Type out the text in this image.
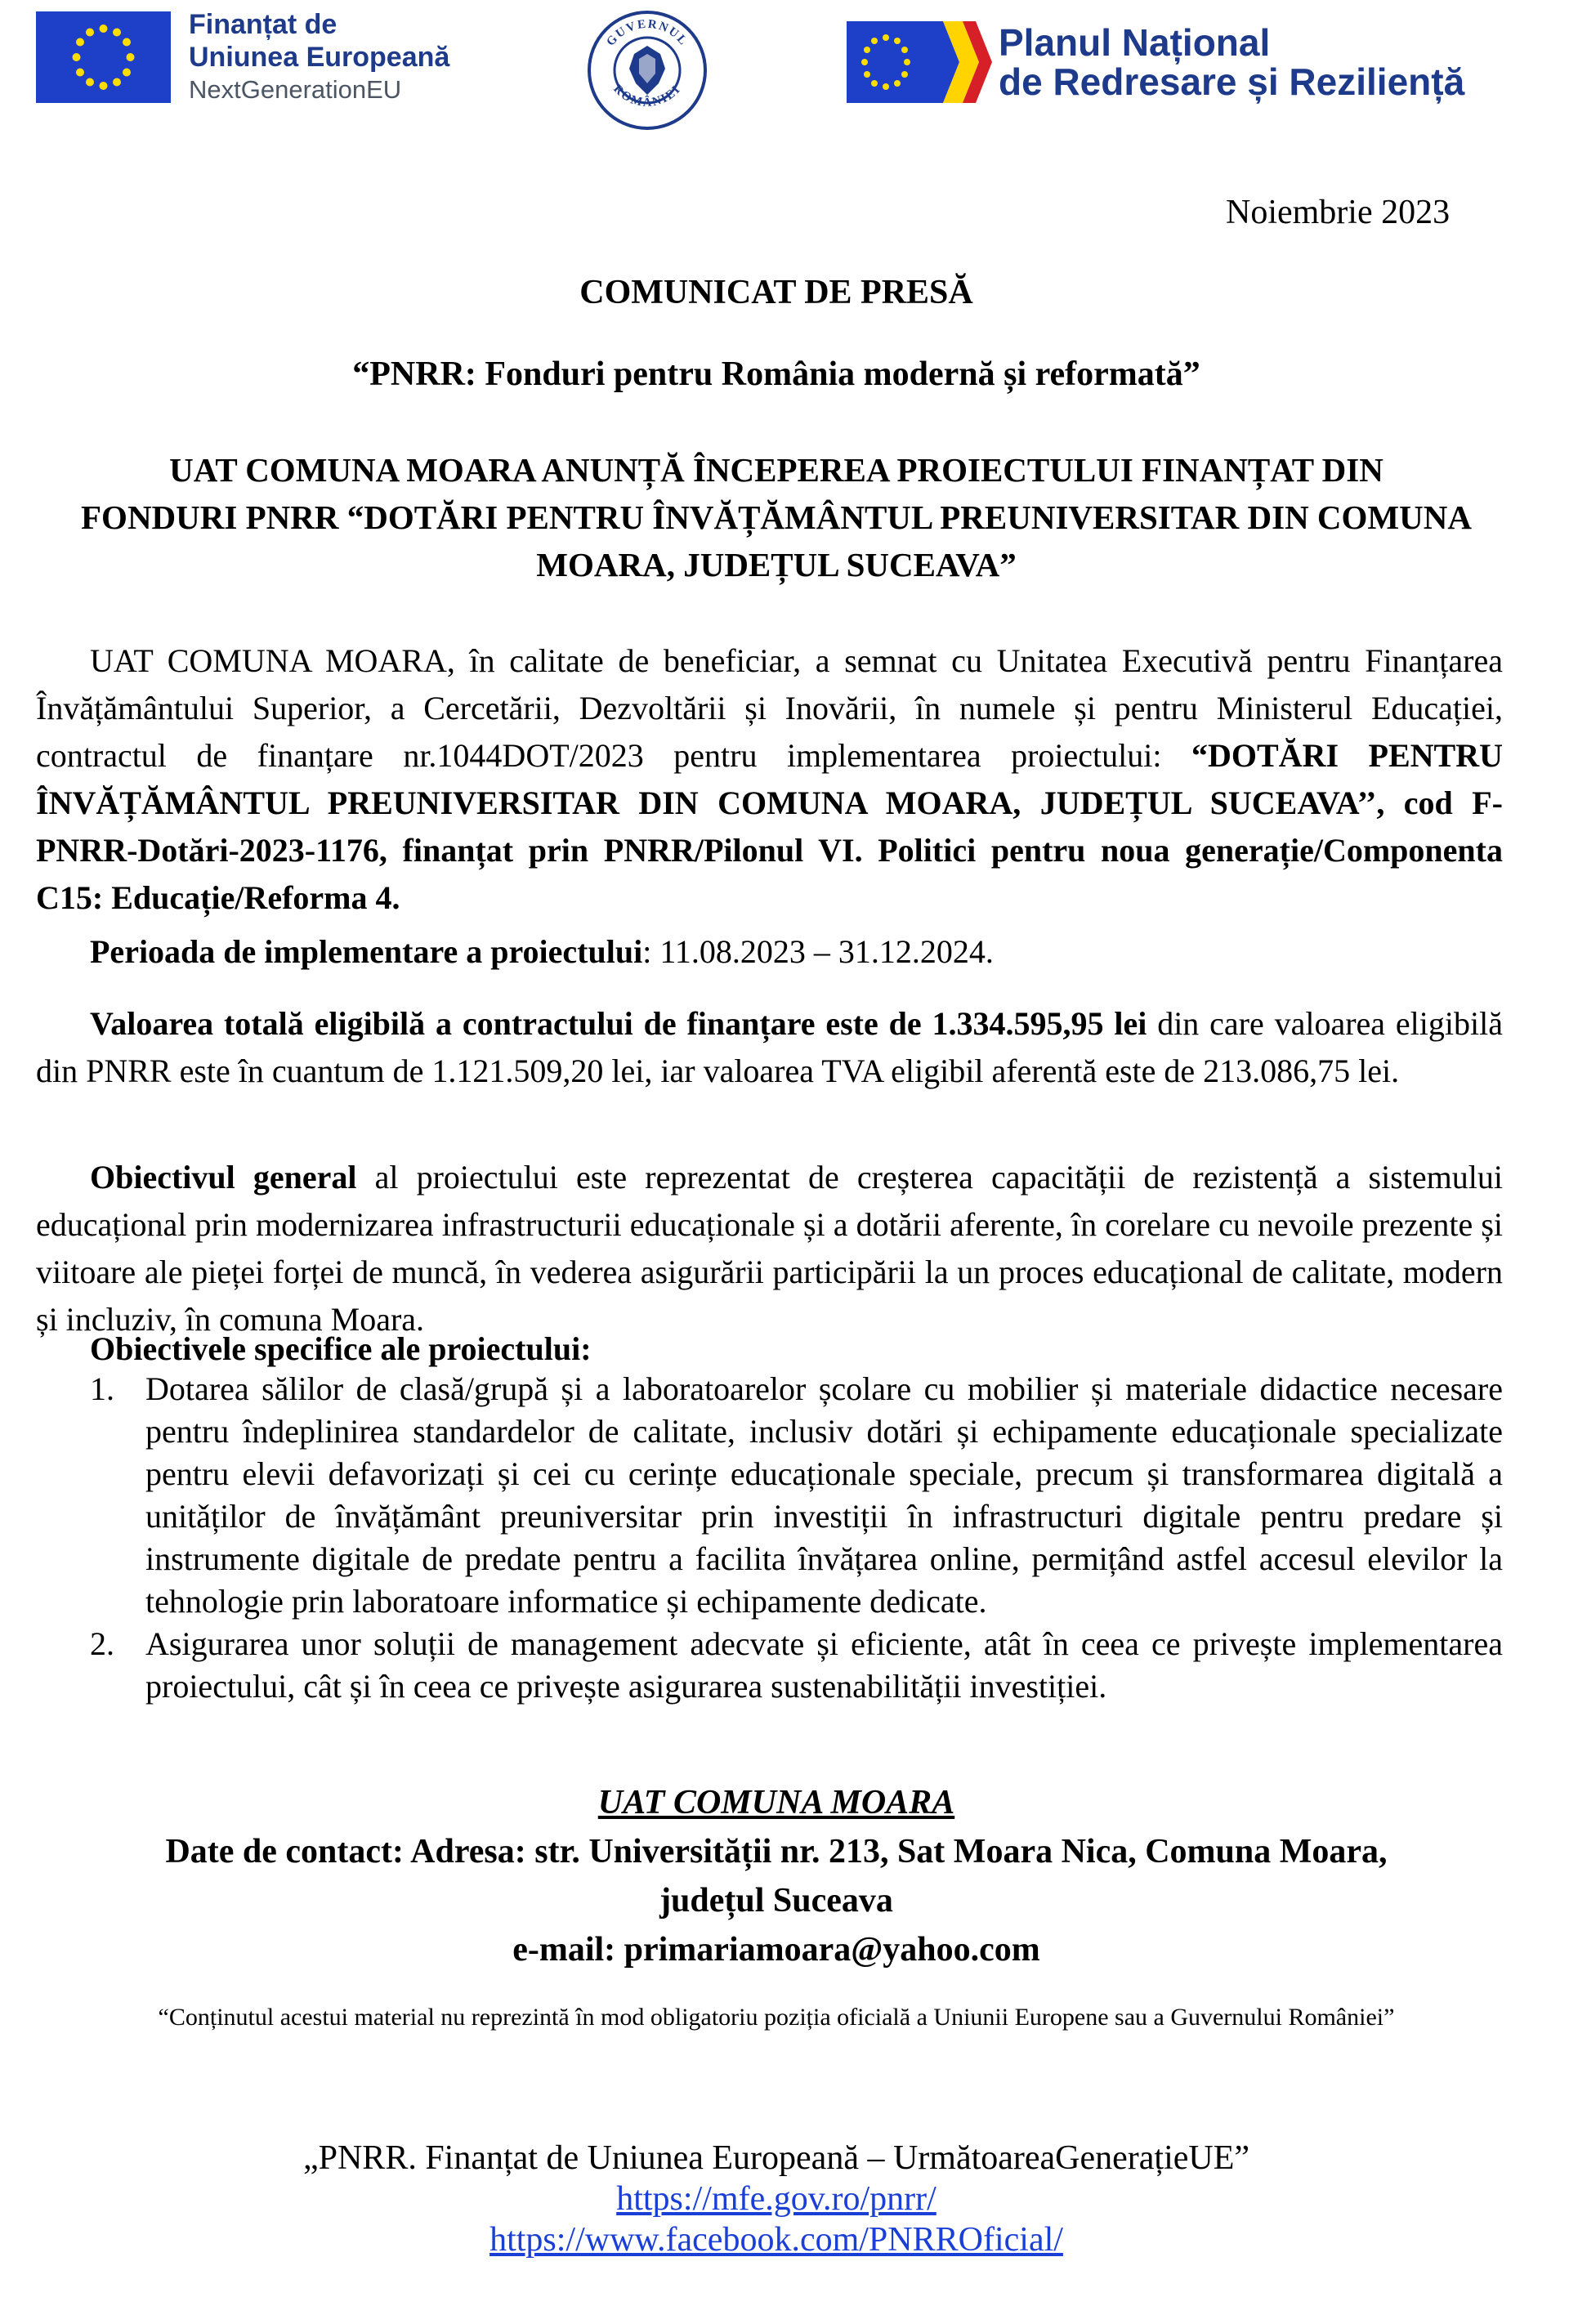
Finanțat de
Uniunea Europeană
NextGenerationEU
GUVERNUL
ROMÂNIEI
Planul Național
de Redresare și Reziliență
Noiembrie 2023
COMUNICAT DE PRESĂ
“PNRR: Fonduri pentru România modernă și reformată”
UAT COMUNA MOARA ANUNȚĂ ÎNCEPEREA PROIECTULUI FINANȚAT DIN
FONDURI PNRR “DOTĂRI PENTRU ÎNVĂȚĂMÂNTUL PREUNIVERSITAR DIN COMUNA
MOARA, JUDEȚUL SUCEAVA”
UAT COMUNA MOARA, în calitate de beneficiar, a semnat cu Unitatea Executivă pentru Finanțarea Învățământului Superior, a Cercetării, Dezvoltării și Inovării, în numele și pentru Ministerul Educației, contractul de finanțare nr.1044DOT/2023 pentru implementarea proiectului: “DOTĂRI PENTRU ÎNVĂȚĂMÂNTUL PREUNIVERSITAR DIN COMUNA MOARA, JUDEȚUL SUCEAVA’’, cod F-PNRR-Dotări-2023-1176, finanțat prin PNRR/Pilonul VI. Politici pentru noua generație/Componenta C15: Educație/Reforma 4.
Perioada de implementare a proiectului: 11.08.2023 – 31.12.2024.
Valoarea totală eligibilă a contractului de finanțare este de 1.334.595,95 lei din care valoarea eligibilă din PNRR este în cuantum de 1.121.509,20 lei, iar valoarea TVA eligibil aferentă este de 213.086,75 lei.
Obiectivul general al proiectului este reprezentat de creșterea capacității de rezistență a sistemului educațional prin modernizarea infrastructurii educaționale și a dotării aferente, în corelare cu nevoile prezente și viitoare ale pieței forței de muncă, în vederea asigurării participării la un proces educațional de calitate, modern și incluziv, în comuna Moara.
Obiectivele specifice ale proiectului:
1. Dotarea sălilor de clasă/grupă și a laboratoarelor școlare cu mobilier și materiale didactice necesare pentru îndeplinirea standardelor de calitate, inclusiv dotări și echipamente educaționale specializate pentru elevii defavorizați și cei cu cerințe educaționale speciale, precum și transformarea digitală a unitǎților de învățământ preuniversitar prin investiții în infrastructuri digitale pentru predare și instrumente digitale de predate pentru a facilita învățarea online, permițând astfel accesul elevilor la tehnologie prin laboratoare informatice și echipamente dedicate.
2. Asigurarea unor soluții de management adecvate și eficiente, atât în ceea ce privește implementarea proiectului, cât și în ceea ce privește asigurarea sustenabilității investiției.
UAT COMUNA MOARA
Date de contact: Adresa: str. Universității nr. 213, Sat Moara Nica, Comuna Moara,
județul Suceava
e-mail: primariamoara@yahoo.com
“Conținutul acestui material nu reprezintă în mod obligatoriu poziția oficială a Uniunii Europene sau a Guvernului României”
„PNRR. Finanțat de Uniunea Europeană – UrmătoareaGenerațieUE”
https://mfe.gov.ro/pnrr/
https://www.facebook.com/PNRROficial/
